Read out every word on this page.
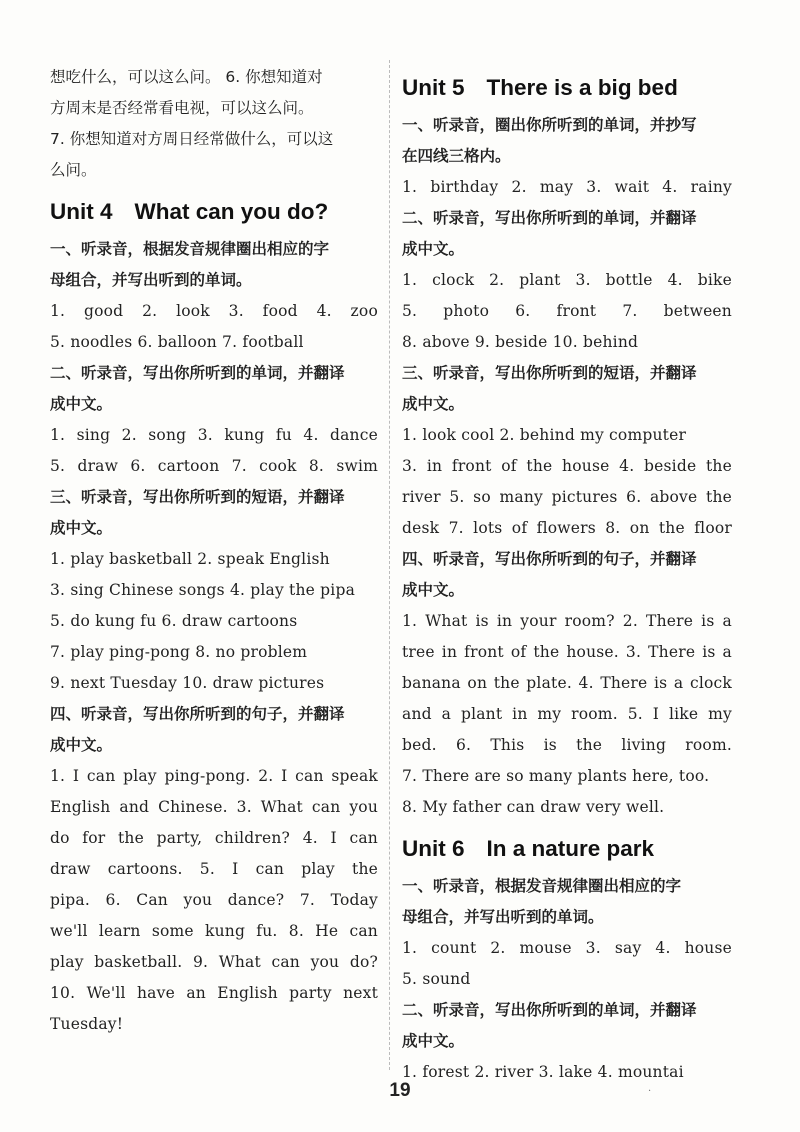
想吃什么，可以这么问。 6. 你想知道对
方周末是否经常看电视，可以这么问。
7. 你想知道对方周日经常做什么，可以这
么问。
Unit 4 What can you do?
一、听录音，根据发音规律圈出相应的字
母组合，并写出听到的单词。
1. good 2. look 3. food 4. zoo
5. noodles 6. balloon 7. football
二、听录音，写出你所听到的单词，并翻译
成中文。
1. sing 2. song 3. kung fu 4. dance
5. draw 6. cartoon 7. cook 8. swim
三、听录音，写出你所听到的短语，并翻译
成中文。
1. play basketball 2. speak English
3. sing Chinese songs 4. play the pipa
5. do kung fu 6. draw cartoons
7. play ping-pong 8. no problem
9. next Tuesday 10. draw pictures
四、听录音，写出你所听到的句子，并翻译
成中文。
1. I can play ping-pong. 2. I can speak
English and Chinese. 3. What can you
do for the party, children? 4. I can
draw cartoons. 5. I can play the
pipa. 6. Can you dance? 7. Today
we'll learn some kung fu. 8. He can
play basketball. 9. What can you do?
10. We'll have an English party next
Tuesday!
Unit 5 There is a big bed
一、听录音，圈出你所听到的单词，并抄写
在四线三格内。
1. birthday 2. may 3. wait 4. rainy
二、听录音，写出你所听到的单词，并翻译
成中文。
1. clock 2. plant 3. bottle 4. bike
5. photo 6. front 7. between
8. above 9. beside 10. behind
三、听录音，写出你所听到的短语，并翻译
成中文。
1. look cool 2. behind my computer
3. in front of the house 4. beside the
river 5. so many pictures 6. above the
desk 7. lots of flowers 8. on the floor
四、听录音，写出你所听到的句子，并翻译
成中文。
1. What is in your room? 2. There is a
tree in front of the house. 3. There is a
banana on the plate. 4. There is a clock
and a plant in my room. 5. I like my
bed. 6. This is the living room.
7. There are so many plants here, too.
8. My father can draw very well.
Unit 6 In a nature park
一、听录音，根据发音规律圈出相应的字
母组合，并写出听到的单词。
1. count 2. mouse 3. say 4. house
5. sound
二、听录音，写出你所听到的单词，并翻译
成中文。
1. forest 2. river 3. lake 4. mountai
19	·
